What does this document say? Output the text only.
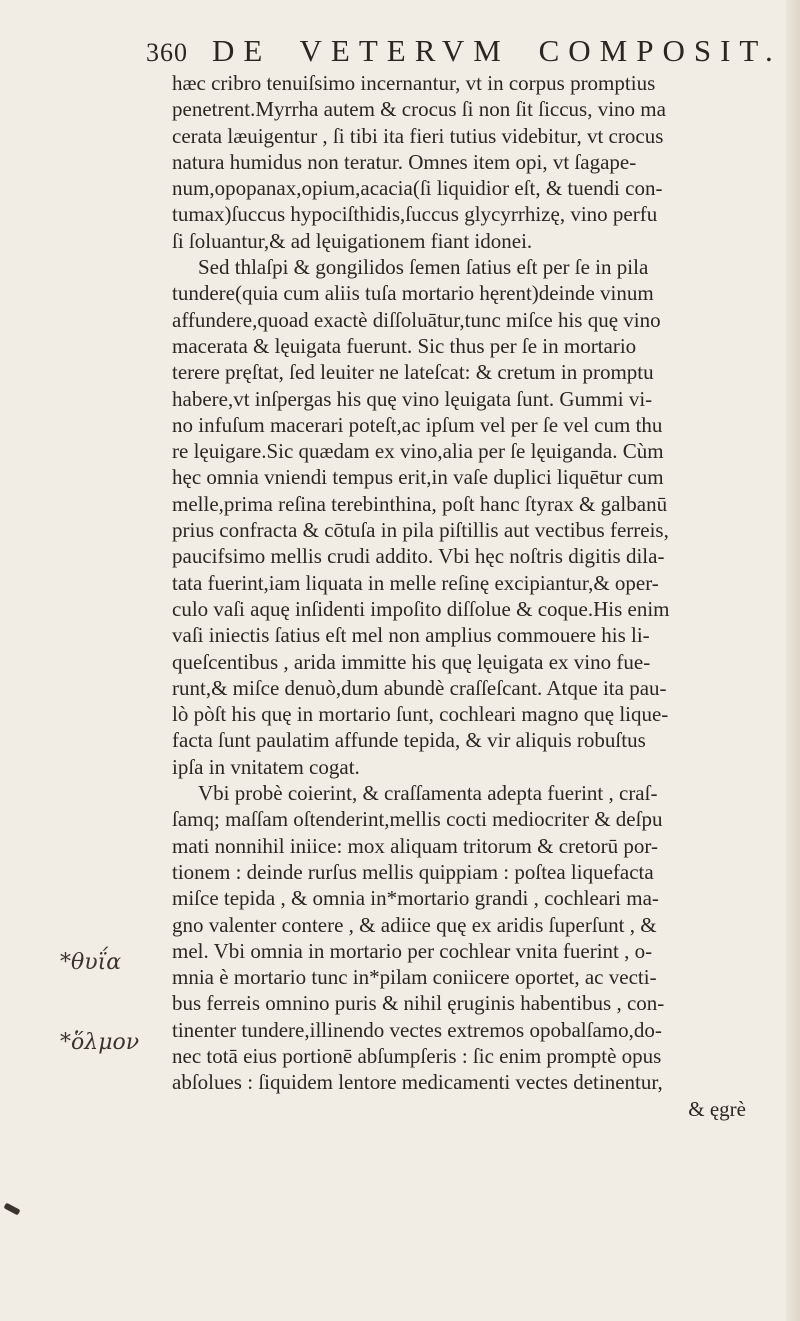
360 DE VETERVM COMPOSIT.
hæc cribro tenuiſsimo incernantur, vt in corpus promptius
penetrent.Myrrha autem & crocus ſi non ſit ſiccus, vino ma
cerata læuigentur , ſi tibi ita fieri tutius videbitur, vt crocus
natura humidus non teratur. Omnes item opi, vt ſagape-
num,opopanax,opium,acacia(ſi liquidior eſt, & tuendi con-
tumax)ſuccus hypociſthidis,ſuccus glycyrrhizę, vino perfu
ſi ſoluantur,& ad lęuigationem fiant idonei.
Sed thlaſpi & gongilidos ſemen ſatius eſt per ſe in pila
tundere(quia cum aliis tuſa mortario hęrent)deinde vinum
affundere,quoad exactè diſſoluātur,tunc miſce his quę vino
macerata & lęuigata fuerunt. Sic thus per ſe in mortario
terere pręſtat, ſed leuiter ne lateſcat: & cretum in promptu
habere,vt inſpergas his quę vino lęuigata ſunt. Gummi vi-
no infuſum macerari poteſt,ac ipſum vel per ſe vel cum thu
re lęuigare.Sic quædam ex vino,alia per ſe lęuiganda. Cùm
hęc omnia vniendi tempus erit,in vaſe duplici liquētur cum
melle,prima reſina terebinthina, poſt hanc ſtyrax & galbanū
prius confracta & cōtuſa in pila piſtillis aut vectibus ferreis,
paucifsimo mellis crudi addito. Vbi hęc noſtris digitis dila-
tata fuerint,iam liquata in melle reſinę excipiantur,& oper-
culo vaſi aquę inſidenti impoſito diſſolue & coque.His enim
vaſi iniectis ſatius eſt mel non amplius commouere his li-
queſcentibus , arida immitte his quę lęuigata ex vino fue-
runt,& miſce denuò,dum abundè craſſeſcant. Atque ita pau-
lò pòſt his quę in mortario ſunt, cochleari magno quę lique-
facta ſunt paulatim affunde tepida, & vir aliquis robuſtus
ipſa in vnitatem cogat.
Vbi probè coierint, & craſſamenta adepta fuerint , craſ-
ſamq; maſſam oſtenderint,mellis cocti mediocriter & deſpu
mati nonnihil iniice: mox aliquam tritorum & cretorū por-
tionem : deinde rurſus mellis quippiam : poſtea liquefacta
miſce tepida , & omnia in*mortario grandi , cochleari ma-
gno valenter contere , & adiice quę ex aridis ſuperſunt , &
mel. Vbi omnia in mortario per cochlear vnita fuerint , o-
mnia è mortario tunc in*pilam coniicere oportet, ac vecti-
bus ferreis omnino puris & nihil ęruginis habentibus , con-
tinenter tundere,illinendo vectes extremos opobalſamo,do-
nec totā eius portionē abſumpſeris : ſic enim promptè opus
abſolues : ſiquidem lentore medicamenti vectes detinentur,
& ęgrè
*θυΐα
*ὅλμον
